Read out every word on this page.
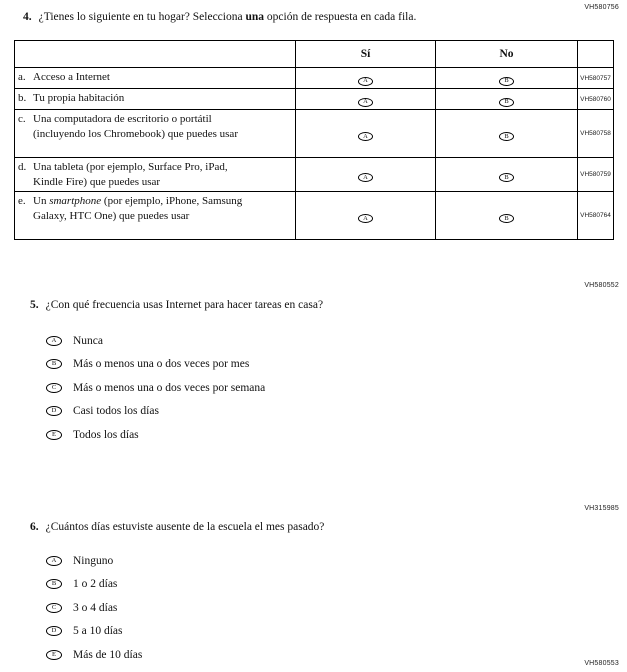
VH580756
4. ¿Tienes lo siguiente en tu hogar? Selecciona una opción de respuesta en cada fila.
	Sí	No	

a. Acceso a Internet	A	B	VH580757

b. Tu propia habitación	A	B	VH580760

c. Una computadora de escritorio o portátil (incluyendo los Chromebook) que puedes usar	A	B	VH580758

d. Una tableta (por ejemplo, Surface Pro, iPad, Kindle Fire) que puedes usar	A	B	VH580759

e. Un smartphone (por ejemplo, iPhone, Samsung Galaxy, HTC One) que puedes usar	A	B	VH580764
VH580552
5. ¿Con qué frecuencia usas Internet para hacer tareas en casa?
A	Nunca
B	Más o menos una o dos veces por mes
C	Más o menos una o dos veces por semana
D	Casi todos los días
E	Todos los días
VH315985
6. ¿Cuántos días estuviste ausente de la escuela el mes pasado?
A	Ninguno
B	1 o 2 días
C	3 o 4 días
D	5 a 10 días
E	Más de 10 días
VH580553
